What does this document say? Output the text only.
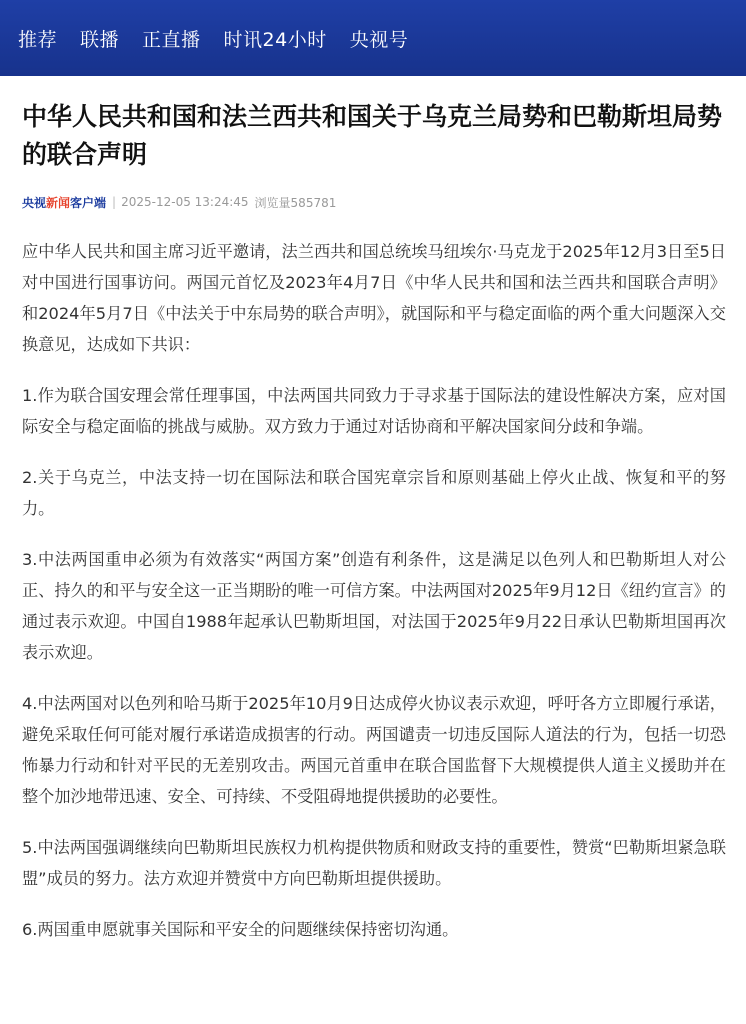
推荐 联播 正直播 时讯24小时 央视号
中华人民共和国和法兰西共和国关于乌克兰局势和巴勒斯坦局势的联合声明
央视新闻客户端 | 2025-12-05 13:24:45 浏览量585781

应中华人民共和国主席习近平邀请，法兰西共和国总统埃马纽埃尔·马克龙于2025年12月3日至5日对中国进行国事访问。两国元首忆及2023年4月7日《中华人民共和国和法兰西共和国联合声明》和2024年5月7日《中法关于中东局势的联合声明》，就国际和平与稳定面临的两个重大问题深入交换意见，达成如下共识：

1.作为联合国安理会常任理事国，中法两国共同致力于寻求基于国际法的建设性解决方案，应对国际安全与稳定面临的挑战与威胁。双方致力于通过对话协商和平解决国家间分歧和争端。

2.关于乌克兰，中法支持一切在国际法和联合国宪章宗旨和原则基础上停火止战、恢复和平的努力。

3.中法两国重申必须为有效落实“两国方案”创造有利条件，这是满足以色列人和巴勒斯坦人对公正、持久的和平与安全这一正当期盼的唯一可信方案。中法两国对2025年9月12日《纽约宣言》的通过表示欢迎。中国自1988年起承认巴勒斯坦国，对法国于2025年9月22日承认巴勒斯坦国再次表示欢迎。

4.中法两国对以色列和哈马斯于2025年10月9日达成停火协议表示欢迎，呼吁各方立即履行承诺，避免采取任何可能对履行承诺造成损害的行动。两国谴责一切违反国际人道法的行为，包括一切恐怖暴力行动和针对平民的无差别攻击。两国元首重申在联合国监督下大规模提供人道主义援助并在整个加沙地带迅速、安全、可持续、不受阻碍地提供援助的必要性。

5.中法两国强调继续向巴勒斯坦民族权力机构提供物质和财政支持的重要性，赞赏“巴勒斯坦紧急联盟”成员的努力。法方欢迎并赞赏中方向巴勒斯坦提供援助。

6.两国重申愿就事关国际和平安全的问题继续保持密切沟通。
